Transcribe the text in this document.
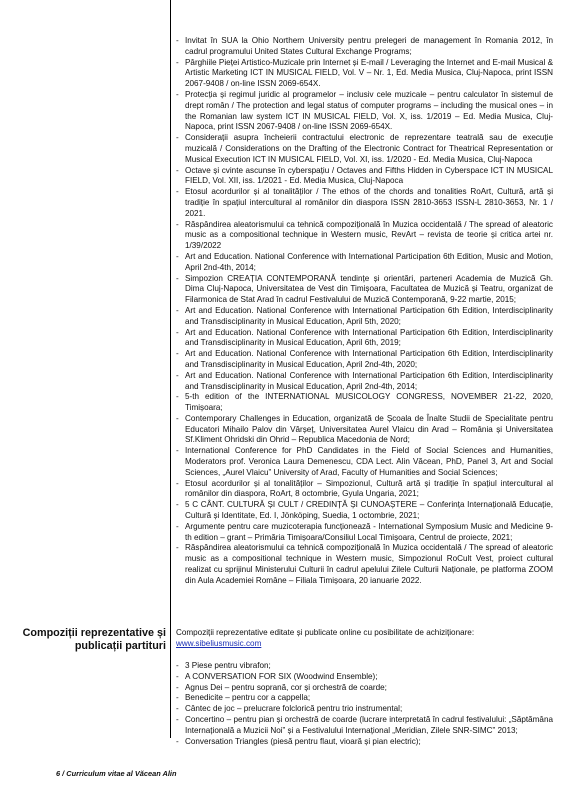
- Invitat în SUA la Ohio Northern University pentru prelegeri de management în Romania 2012, în cadrul programului United States Cultural Exchange Programs;
- Pârghiile Pieței Artistico-Muzicale prin Internet și E-mail / Leveraging the Internet and E-mail Musical & Artistic Marketing ICT IN MUSICAL FIELD, Vol. V – Nr. 1, Ed. Media Musica, Cluj-Napoca, print ISSN 2067-9408 / on-line ISSN 2069-654X.
- Protecția și regimul juridic al programelor – inclusiv cele muzicale – pentru calculator în sistemul de drept român / The protection and legal status of computer programs – including the musical ones – in the Romanian law system ICT IN MUSICAL FIELD, Vol. X, iss. 1/2019 – Ed. Media Musica, Cluj-Napoca, print ISSN 2067-9408 / on-line ISSN 2069-654X.
- Considerații asupra încheierii contractului electronic de reprezentare teatrală sau de execuție muzicală / Considerations on the Drafting of the Electronic Contract for Theatrical Representation or Musical Execution ICT IN MUSICAL FIELD, Vol. XI, iss. 1/2020 - Ed. Media Musica, Cluj-Napoca
- Octave și cvinte ascunse în cyberspațiu / Octaves and Fifths Hidden in Cyberspace ICT IN MUSICAL FIELD, Vol. XII, iss. 1/2021 - Ed. Media Musica, Cluj-Napoca
- Etosul acordurilor și al tonalităților / The ethos of the chords and tonalities RoArt, Cultură, artă și tradiție în spațiul intercultural al românilor din diaspora ISSN 2810-3653 ISSN-L 2810-3653, Nr. 1 / 2021.
- Răspândirea aleatorismului ca tehnică compozițională în Muzica occidentală / The spread of aleatoric music as a compositional technique in Western music, RevArt – revista de teorie și critica artei nr. 1/39/2022
- Art and Education. National Conference with International Participation 6th Edition, Music and Motion, April 2nd-4th, 2014;
- Simpozion CREAȚIA CONTEMPORANĂ tendințe și orientări, parteneri Academia de Muzică Gh. Dima Cluj-Napoca, Universitatea de Vest din Timișoara, Facultatea de Muzică și Teatru, organizat de Filarmonica de Stat Arad în cadrul Festivalului de Muzică Contemporană, 9-22 martie, 2015;
- Art and Education. National Conference with International Participation 6th Edition, Interdisciplinarity and Transdisciplinarity in Musical Education, April 5th, 2020;
- Art and Education. National Conference with International Participation 6th Edition, Interdisciplinarity and Transdisciplinarity in Musical Education, April 6th, 2019;
- Art and Education. National Conference with International Participation 6th Edition, Interdisciplinarity and Transdisciplinarity in Musical Education, April 2nd-4th, 2020;
- Art and Education. National Conference with International Participation 6th Edition, Interdisciplinarity and Transdisciplinarity in Musical Education, April 2nd-4th, 2014;
- 5-th edition of the INTERNATIONAL MUSICOLOGY CONGRESS, NOVEMBER 21-22, 2020, Timișoara;
- Contemporary Challenges in Education, organizată de Școala de Înalte Studii de Specialitate pentru Educatori Mihailo Palov din Vârșeț, Universitatea Aurel Vlaicu din Arad – România și Universitatea Sf.Kliment Ohridski din Ohrid – Republica Macedonia de Nord;
- International Conference for PhD Candidates in the Field of Social Sciences and Humanities, Moderators prof. Veronica Laura Demenescu, CDA Lect. Alin Văcean, PhD, Panel 3, Art and Social Sciences, „Aurel Vlaicu” University of Arad, Faculty of Humanities and Social Sciences;
- Etosul acordurilor și al tonalităților – Simpozionul, Cultură artă și tradiție în spațiul intercultural al românilor din diaspora, RoArt, 8 octombrie, Gyula Ungaria, 2021;
- 5 C CÂNT. CULTURĂ ȘI CULT / CREDINȚĂ ȘI CUNOAȘTERE – Conferința Internațională Educație, Cultură și Identitate, Ed. I, Jönköping, Suedia, 1 octombrie, 2021;
- Argumente pentru care muzicoterapia funcționează - International Symposium Music and Medicine 9-th edition – grant – Primăria Timișoara/Consiliul Local Timișoara, Centrul de proiecte, 2021;
- Răspândirea aleatorismului ca tehnică compozițională în Muzica occidentală / The spread of aleatoric music as a compositional technique in Western music, Simpozionul RoCult Vest, proiect cultural realizat cu sprijinul Ministerului Culturii în cadrul apelului Zilele Culturii Naționale, pe platforma ZOOM din Aula Academiei Române – Filiala Timișoara, 20 ianuarie 2022.
Compoziții reprezentative și publicații partituri
Compoziții reprezentative editate și publicate online cu posibilitate de achiziționare:
www.sibeliusmusic.com
- 3 Piese pentru vibrafon;
- A CONVERSATION FOR SIX (Woodwind Ensemble);
- Agnus Dei – pentru soprană, cor și orchestră de coarde;
- Benedicite – pentru cor a cappella;
- Cântec de joc – prelucrare folclorică pentru trio instrumental;
- Concertino – pentru pian și orchestră de coarde (lucrare interpretată în cadrul festivalului: „Săptămâna Internațională a Muzicii Noi” și a Festivalului Internațional „Meridian, Zilele SNR-SIMC” 2013;
- Conversation Triangles (piesă pentru flaut, vioară și pian electric);
6 / Curriculum vitae al Văcean Alin
